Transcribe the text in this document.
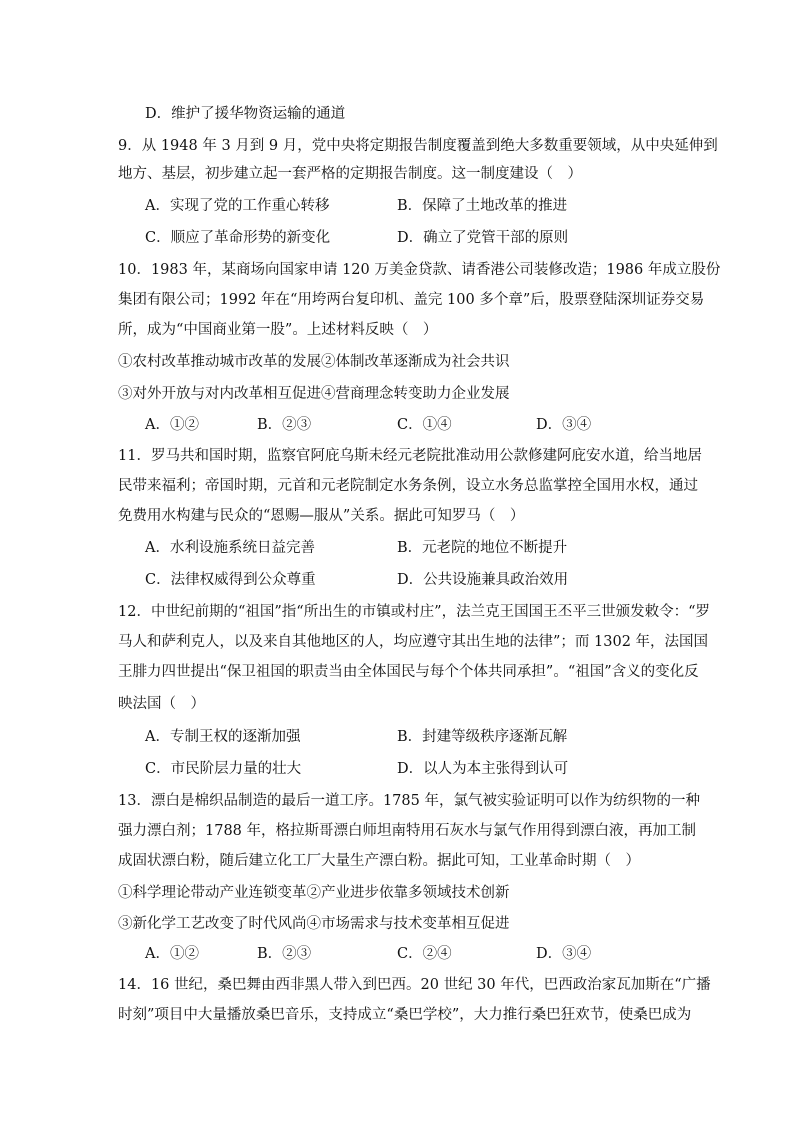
D．维护了援华物资运输的通道
9．从 1948 年 3 月到 9 月，党中央将定期报告制度覆盖到绝大多数重要领域，从中央延伸到
地方、基层，初步建立起一套严格的定期报告制度。这一制度建设（　）
A．实现了党的工作重心转移	B．保障了土地改革的推进
C．顺应了革命形势的新变化	D．确立了党管干部的原则
10．1983 年，某商场向国家申请 120 万美金贷款、请香港公司装修改造；1986 年成立股份
集团有限公司；1992 年在“用垮两台复印机、盖完 100 多个章”后，股票登陆深圳证券交易
所，成为“中国商业第一股”。上述材料反映（　）
①农村改革推动城市改革的发展②体制改革逐渐成为社会共识
③对外开放与对内改革相互促进④营商理念转变助力企业发展
A．①②	B．②③	C．①④	D．③④
11．罗马共和国时期，监察官阿庇乌斯未经元老院批准动用公款修建阿庇安水道，给当地居
民带来福利；帝国时期，元首和元老院制定水务条例，设立水务总监掌控全国用水权，通过
免费用水构建与民众的“恩赐—服从”关系。据此可知罗马（　）
A．水利设施系统日益完善	B．元老院的地位不断提升
C．法律权威得到公众尊重	D．公共设施兼具政治效用
12．中世纪前期的“祖国”指“所出生的市镇或村庄”，法兰克王国国王丕平三世颁发敕令：“罗
马人和萨利克人，以及来自其他地区的人，均应遵守其出生地的法律”；而 1302 年，法国国
王腓力四世提出“保卫祖国的职责当由全体国民与每个个体共同承担”。“祖国”含义的变化反
映法国（　）
A．专制王权的逐渐加强	B．封建等级秩序逐渐瓦解
C．市民阶层力量的壮大	D．以人为本主张得到认可
13．漂白是棉织品制造的最后一道工序。1785 年，氯气被实验证明可以作为纺织物的一种
强力漂白剂；1788 年，格拉斯哥漂白师坦南特用石灰水与氯气作用得到漂白液，再加工制
成固状漂白粉，随后建立化工厂大量生产漂白粉。据此可知，工业革命时期（　）
①科学理论带动产业连锁变革②产业进步依靠多领域技术创新
③新化学工艺改变了时代风尚④市场需求与技术变革相互促进
A．①②	B．②③	C．②④	D．③④
14．16 世纪，桑巴舞由西非黑人带入到巴西。20 世纪 30 年代，巴西政治家瓦加斯在“广播
时刻”项目中大量播放桑巴音乐，支持成立“桑巴学校”，大力推行桑巴狂欢节，使桑巴成为
